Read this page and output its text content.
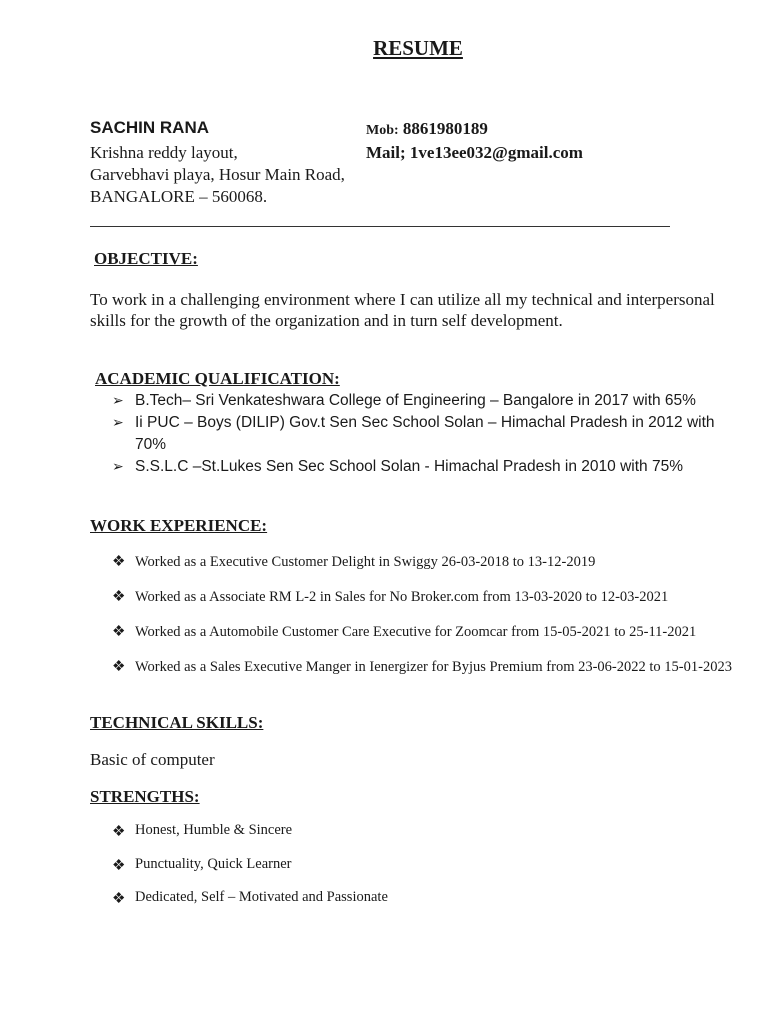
RESUME
SACHIN RANA
Krishna reddy layout,
Garvebhavi playa, Hosur Main Road,
BANGALORE – 560068.
Mob: 8861980189
Mail; 1ve13ee032@gmail.com
OBJECTIVE:
To work in a challenging environment where I can utilize all my technical and interpersonal skills for the growth of the organization and in turn self development.
ACADEMIC QUALIFICATION:
➢ B.Tech– Sri Venkateshwara College of Engineering – Bangalore in 2017 with 65%
➢ Ii PUC – Boys (DILIP) Gov.t Sen Sec School Solan – Himachal Pradesh in 2012 with 70%
➢ S.S.L.C –St.Lukes Sen Sec School Solan - Himachal Pradesh in 2010 with 75%
WORK EXPERIENCE:
❖ Worked as a Executive Customer Delight in Swiggy 26-03-2018 to 13-12-2019
❖ Worked as a Associate RM L-2 in Sales for No Broker.com from 13-03-2020 to 12-03-2021
❖ Worked as a Automobile Customer Care Executive for Zoomcar from 15-05-2021 to 25-11-2021
❖ Worked as a Sales Executive Manger in Ienergizer for Byjus Premium from 23-06-2022 to 15-01-2023
TECHNICAL SKILLS:
Basic of computer
STRENGTHS:
❖ Honest, Humble & Sincere
❖ Punctuality, Quick Learner
❖ Dedicated, Self – Motivated and Passionate
